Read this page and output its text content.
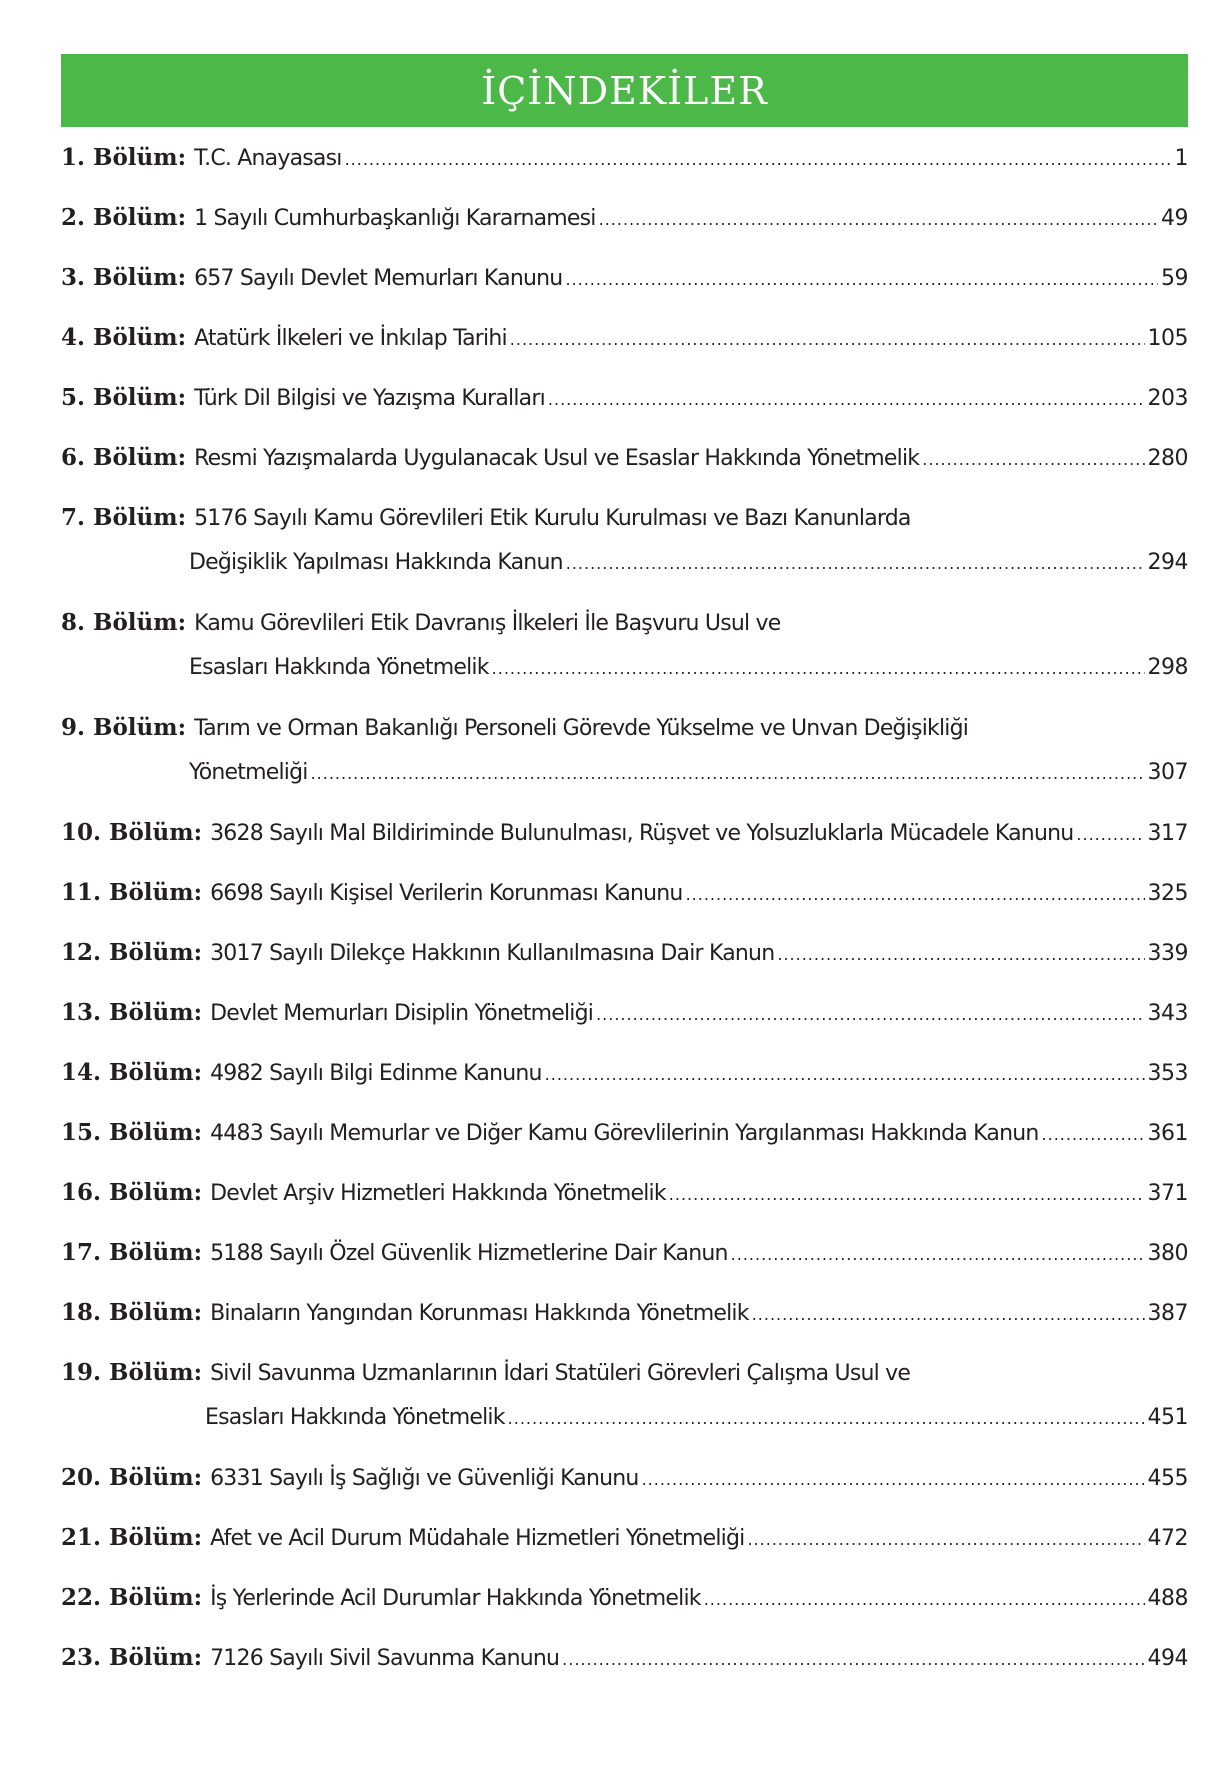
İÇİNDEKİLER
1. Bölüm:
T.C. Anayasası .....	1
2. Bölüm:
1 Sayılı Cumhurbaşkanlığı Kararnamesi .....	49
3. Bölüm:
657 Sayılı Devlet Memurları Kanunu .....	59
4. Bölüm:
Atatürk İlkeleri ve İnkılap Tarihi .....	105
5. Bölüm:
Türk Dil Bilgisi ve Yazışma Kuralları .....	203
6. Bölüm:
Resmi Yazışmalarda Uygulanacak Usul ve Esaslar Hakkında Yönetmelik .....	280
7. Bölüm:
5176 Sayılı Kamu Görevlileri Etik Kurulu Kurulması ve Bazı Kanunlarda
Değişiklik Yapılması Hakkında Kanun .....	294
8. Bölüm:
Kamu Görevlileri Etik Davranış İlkeleri İle Başvuru Usul ve
Esasları Hakkında Yönetmelik .....	298
9. Bölüm:
Tarım ve Orman Bakanlığı Personeli Görevde Yükselme ve Unvan Değişikliği
Yönetmeliği .....	307
10. Bölüm:
3628 Sayılı Mal Bildiriminde Bulunulması, Rüşvet ve Yolsuzluklarla Mücadele Kanunu .....	317
11. Bölüm:
6698 Sayılı Kişisel Verilerin Korunması Kanunu .....	325
12. Bölüm:
3017 Sayılı Dilekçe Hakkının Kullanılmasına Dair Kanun .....	339
13. Bölüm:
Devlet Memurları Disiplin Yönetmeliği .....	343
14. Bölüm:
4982 Sayılı Bilgi Edinme Kanunu .....	353
15. Bölüm:
4483 Sayılı Memurlar ve Diğer Kamu Görevlilerinin Yargılanması Hakkında Kanun .....	361
16. Bölüm:
Devlet Arşiv Hizmetleri Hakkında Yönetmelik .....	371
17. Bölüm:
5188 Sayılı Özel Güvenlik Hizmetlerine Dair Kanun .....	380
18. Bölüm:
Binaların Yangından Korunması Hakkında Yönetmelik .....	387
19. Bölüm:
Sivil Savunma Uzmanlarının İdari Statüleri Görevleri Çalışma Usul ve
Esasları Hakkında Yönetmelik .....	451
20. Bölüm:
6331 Sayılı İş Sağlığı ve Güvenliği Kanunu .....	455
21. Bölüm:
Afet ve Acil Durum Müdahale Hizmetleri Yönetmeliği .....	472
22. Bölüm:
İş Yerlerinde Acil Durumlar Hakkında Yönetmelik .....	488
23. Bölüm:
7126 Sayılı Sivil Savunma Kanunu .....	494
